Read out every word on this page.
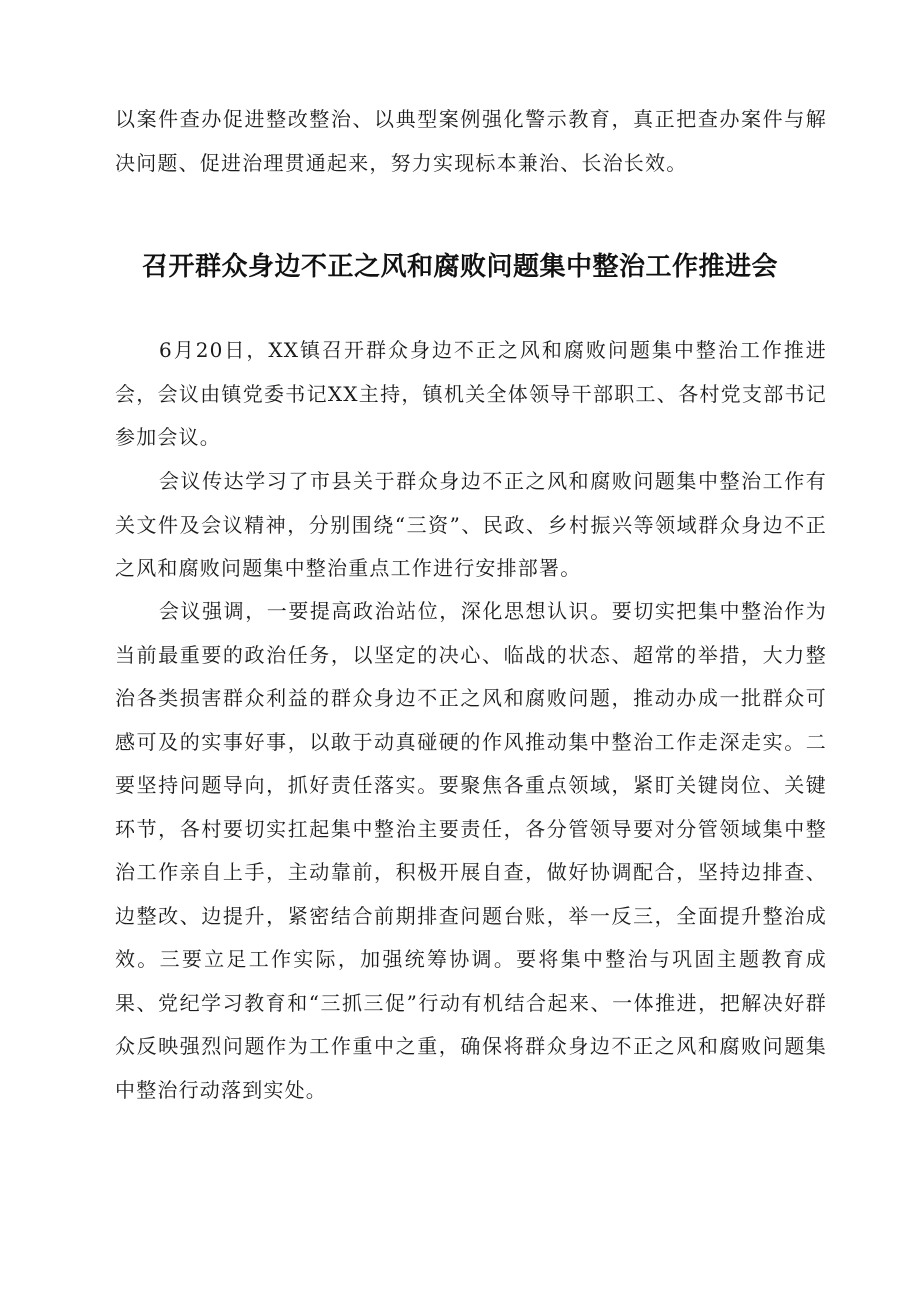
以案件查办促进整改整治、以典型案例强化警示教育，真正把查办案件与解决问题、促进治理贯通起来，努力实现标本兼治、长治长效。

召开群众身边不正之风和腐败问题集中整治工作推进会

6月20日，XX镇召开群众身边不正之风和腐败问题集中整治工作推进会，会议由镇党委书记XX主持，镇机关全体领导干部职工、各村党支部书记参加会议。

会议传达学习了市县关于群众身边不正之风和腐败问题集中整治工作有关文件及会议精神，分别围绕“三资”、民政、乡村振兴等领域群众身边不正之风和腐败问题集中整治重点工作进行安排部署。

会议强调，一要提高政治站位，深化思想认识。要切实把集中整治作为当前最重要的政治任务，以坚定的决心、临战的状态、超常的举措，大力整治各类损害群众利益的群众身边不正之风和腐败问题，推动办成一批群众可感可及的实事好事，以敢于动真碰硬的作风推动集中整治工作走深走实。二要坚持问题导向，抓好责任落实。要聚焦各重点领域，紧盯关键岗位、关键环节，各村要切实扛起集中整治主要责任，各分管领导要对分管领域集中整治工作亲自上手，主动靠前，积极开展自查，做好协调配合，坚持边排查、边整改、边提升，紧密结合前期排查问题台账，举一反三，全面提升整治成效。三要立足工作实际，加强统筹协调。要将集中整治与巩固主题教育成果、党纪学习教育和“三抓三促”行动有机结合起来、一体推进，把解决好群众反映强烈问题作为工作重中之重，确保将群众身边不正之风和腐败问题集中整治行动落到实处。
